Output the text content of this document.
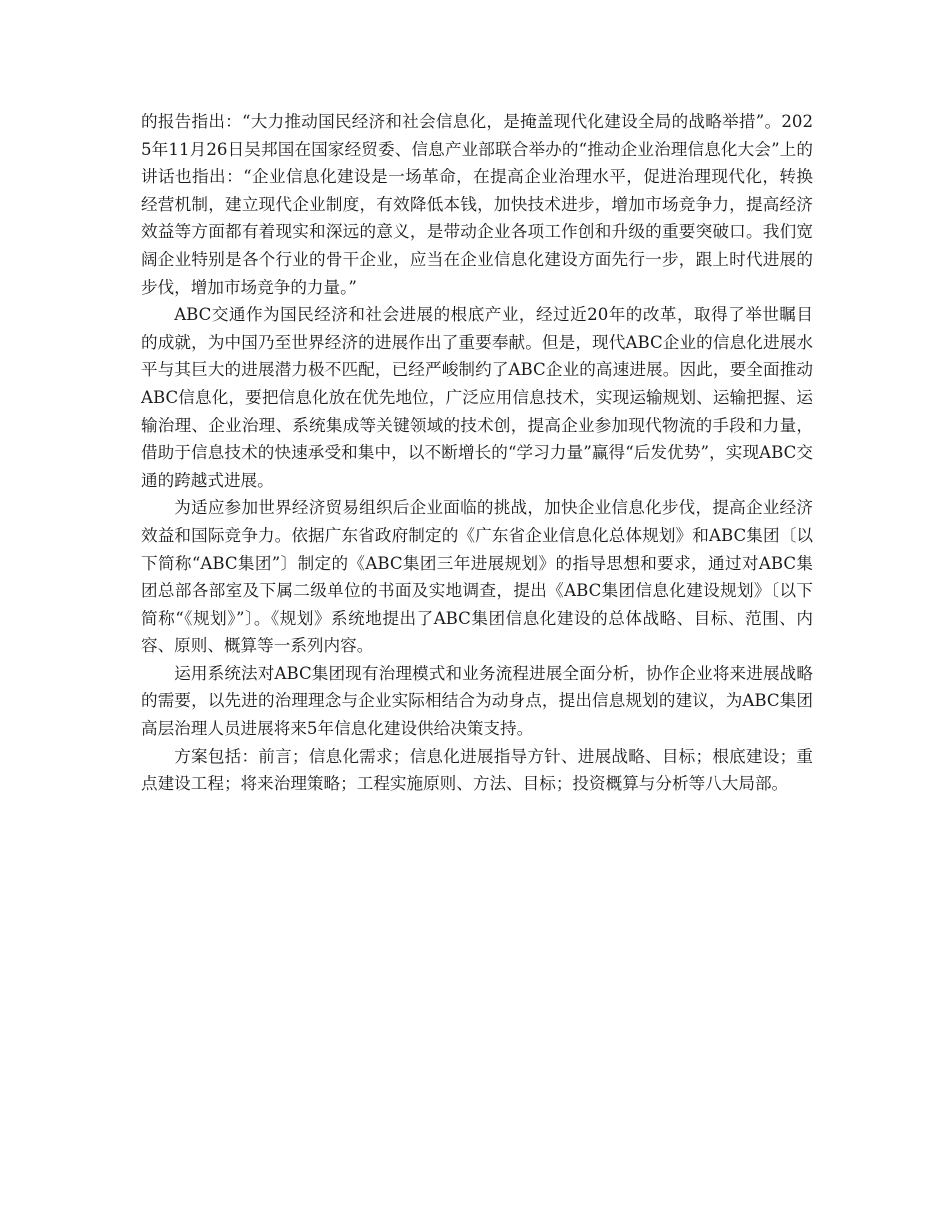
的报告指出：“大力推动国民经济和社会信息化，是掩盖现代化建设全局的战略举措”。2025年11月26日吴邦国在国家经贸委、信息产业部联合举办的“推动企业治理信息化大会”上的讲话也指出：“企业信息化建设是一场革命，在提高企业治理水平，促进治理现代化，转换经营机制，建立现代企业制度，有效降低本钱，加快技术进步，增加市场竞争力，提高经济效益等方面都有着现实和深远的意义，是带动企业各项工作创和升级的重要突破口。我们宽阔企业特别是各个行业的骨干企业，应当在企业信息化建设方面先行一步，跟上时代进展的步伐，增加市场竞争的力量。”

ABC交通作为国民经济和社会进展的根底产业，经过近20年的改革，取得了举世瞩目的成就，为中国乃至世界经济的进展作出了重要奉献。但是，现代ABC企业的信息化进展水平与其巨大的进展潜力极不匹配，已经严峻制约了ABC企业的高速进展。因此，要全面推动ABC信息化，要把信息化放在优先地位，广泛应用信息技术，实现运输规划、运输把握、运输治理、企业治理、系统集成等关键领域的技术创，提高企业参加现代物流的手段和力量，借助于信息技术的快速承受和集中，以不断增长的“学习力量”赢得“后发优势”，实现ABC交通的跨越式进展。

为适应参加世界经济贸易组织后企业面临的挑战，加快企业信息化步伐，提高企业经济效益和国际竞争力。依据广东省政府制定的《广东省企业信息化总体规划》和ABC集团〔以下简称“ABC集团”〕制定的《ABC集团三年进展规划》的指导思想和要求，通过对ABC集团总部各部室及下属二级单位的书面及实地调查，提出《ABC集团信息化建设规划》〔以下简称“《规划》”〕。《规划》系统地提出了ABC集团信息化建设的总体战略、目标、范围、内容、原则、概算等一系列内容。

运用系统法对ABC集团现有治理模式和业务流程进展全面分析，协作企业将来进展战略的需要，以先进的治理理念与企业实际相结合为动身点，提出信息规划的建议，为ABC集团高层治理人员进展将来5年信息化建设供给决策支持。

方案包括：前言；信息化需求；信息化进展指导方针、进展战略、目标；根底建设；重点建设工程；将来治理策略；工程实施原则、方法、目标；投资概算与分析等八大局部。
